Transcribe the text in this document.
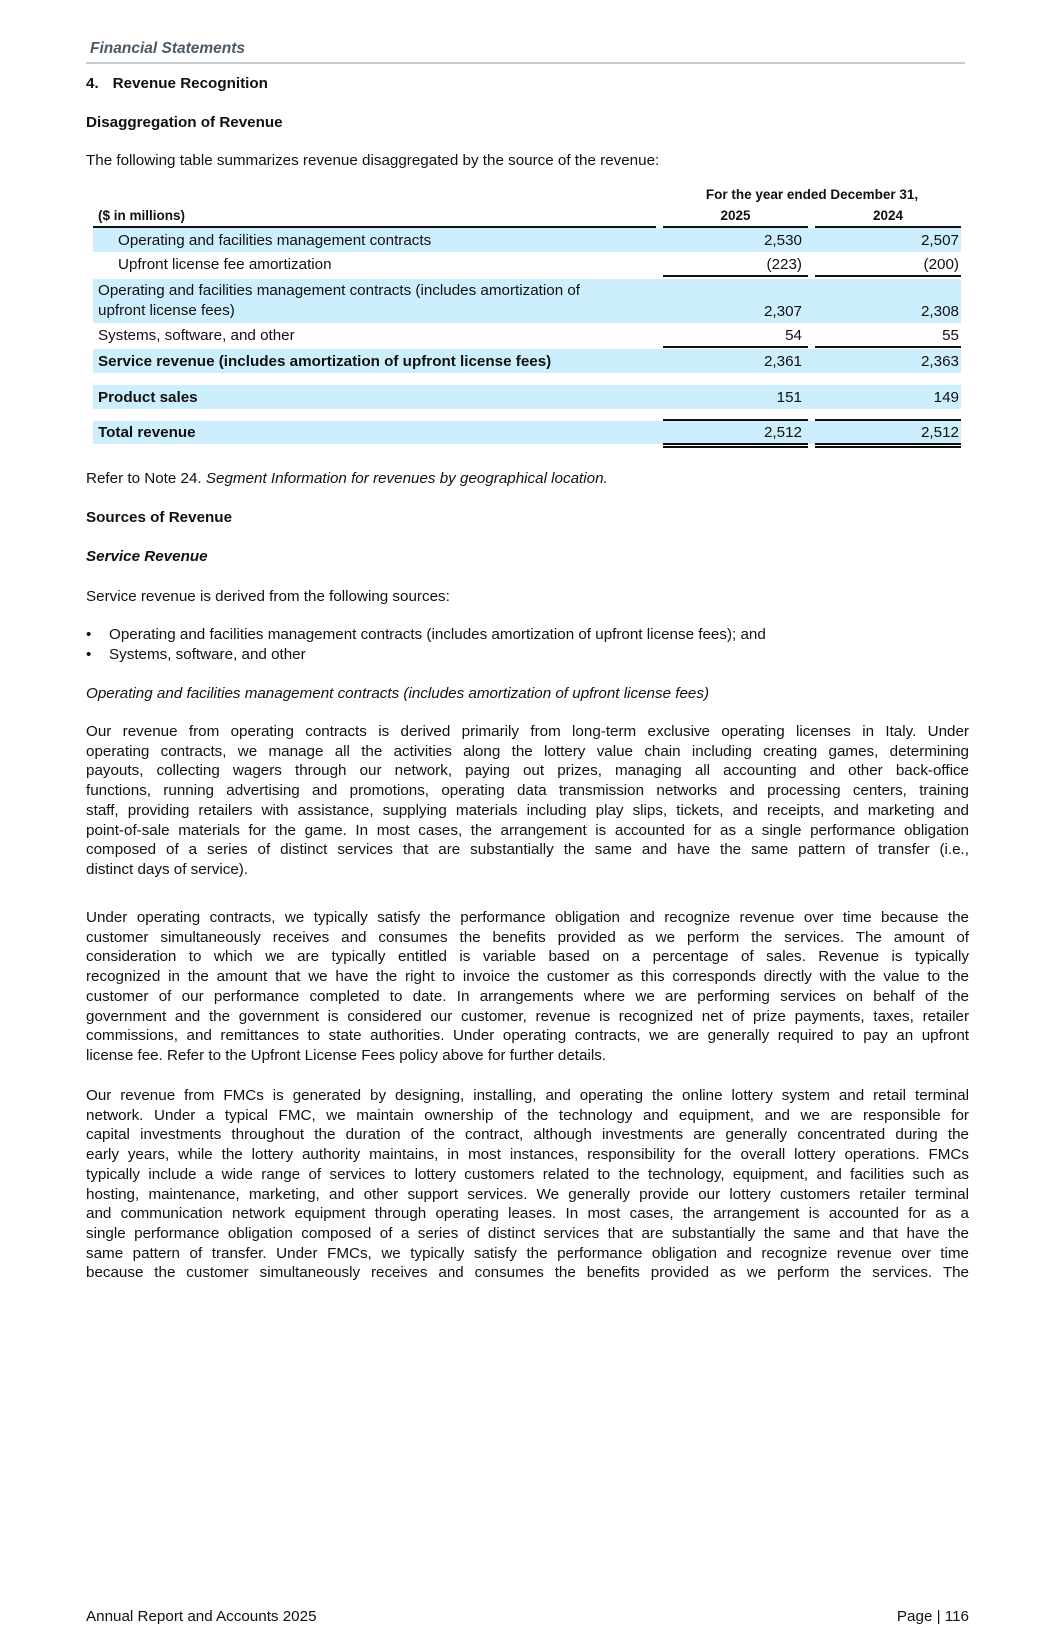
Financial Statements
4. Revenue Recognition
Disaggregation of Revenue
The following table summarizes revenue disaggregated by the source of the revenue:
For the year ended December 31,
($ in millions)	2025	2024
Operating and facilities management contracts	2,530	2,507
Upfront license fee amortization	(223)	(200)
Operating and facilities management contracts (includes amortization of
upfront license fees)	2,307	2,308
Systems, software, and other	54	55
Service revenue (includes amortization of upfront license fees)	2,361	2,363
Product sales	151	149
Total revenue	2,512	2,512
Refer to Note 24. Segment Information for revenues by geographical location.
Sources of Revenue
Service Revenue
Service revenue is derived from the following sources:
•	Operating and facilities management contracts (includes amortization of upfront license fees); and
•	Systems, software, and other
Operating and facilities management contracts (includes amortization of upfront license fees)
Our revenue from operating contracts is derived primarily from long-term exclusive operating licenses in Italy. Under
operating contracts, we manage all the activities along the lottery value chain including creating games, determining
payouts, collecting wagers through our network, paying out prizes, managing all accounting and other back-office
functions, running advertising and promotions, operating data transmission networks and processing centers, training
staff, providing retailers with assistance, supplying materials including play slips, tickets, and receipts, and marketing and
point-of-sale materials for the game. In most cases, the arrangement is accounted for as a single performance obligation
composed of a series of distinct services that are substantially the same and have the same pattern of transfer (i.e.,
distinct days of service).
Under operating contracts, we typically satisfy the performance obligation and recognize revenue over time because the
customer simultaneously receives and consumes the benefits provided as we perform the services. The amount of
consideration to which we are typically entitled is variable based on a percentage of sales. Revenue is typically
recognized in the amount that we have the right to invoice the customer as this corresponds directly with the value to the
customer of our performance completed to date. In arrangements where we are performing services on behalf of the
government and the government is considered our customer, revenue is recognized net of prize payments, taxes, retailer
commissions, and remittances to state authorities. Under operating contracts, we are generally required to pay an upfront
license fee. Refer to the Upfront License Fees policy above for further details.
Our revenue from FMCs is generated by designing, installing, and operating the online lottery system and retail terminal
network. Under a typical FMC, we maintain ownership of the technology and equipment, and we are responsible for
capital investments throughout the duration of the contract, although investments are generally concentrated during the
early years, while the lottery authority maintains, in most instances, responsibility for the overall lottery operations. FMCs
typically include a wide range of services to lottery customers related to the technology, equipment, and facilities such as
hosting, maintenance, marketing, and other support services. We generally provide our lottery customers retailer terminal
and communication network equipment through operating leases. In most cases, the arrangement is accounted for as a
single performance obligation composed of a series of distinct services that are substantially the same and that have the
same pattern of transfer. Under FMCs, we typically satisfy the performance obligation and recognize revenue over time
because the customer simultaneously receives and consumes the benefits provided as we perform the services. The
Annual Report and Accounts 2025	Page | 116
